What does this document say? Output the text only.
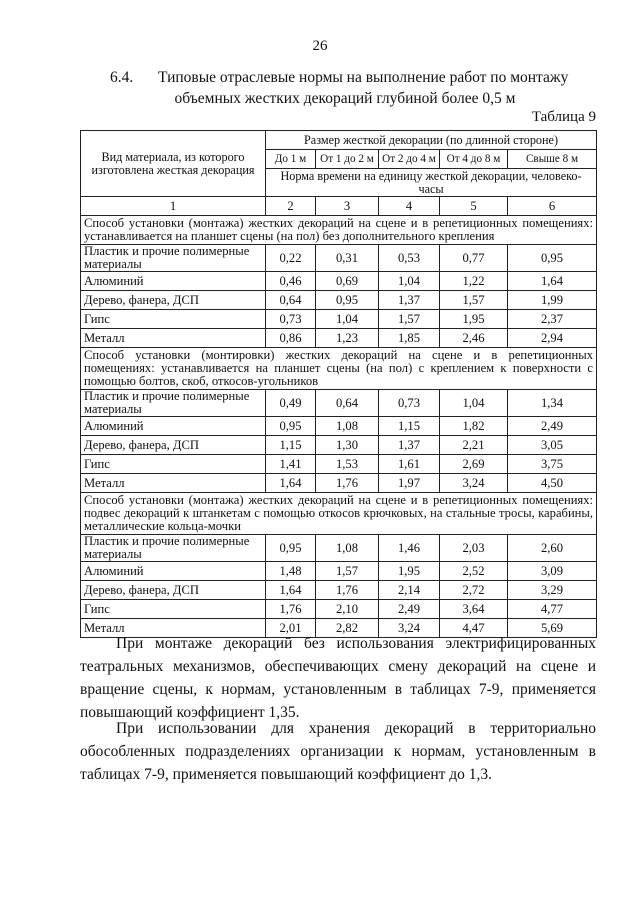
26
6.4. Типовые отраслевые нормы на выполнение работ по монтажу
объемных жестких декораций глубиной более 0,5 м
Таблица 9
Вид материала, из которого изготовлена жесткая декорация	Размер жесткой декорации (по длинной стороне)				
	До 1 м	От 1 до 2 м	От 2 до 4 м	От 4 до 8 м	Свыше 8 м
	Норма времени на единицу жесткой декорации, человеко-часы				
1	2	3	4	5	6
Способ установки (монтажа) жестких декораций на сцене и в репетиционных помещениях: устанавливается на планшет сцены (на пол) без дополнительного крепления					
Пластик и прочие полимерные материалы	0,22	0,31	0,53	0,77	0,95
Алюминий	0,46	0,69	1,04	1,22	1,64
Дерево, фанера, ДСП	0,64	0,95	1,37	1,57	1,99
Гипс	0,73	1,04	1,57	1,95	2,37
Металл	0,86	1,23	1,85	2,46	2,94
Способ установки (монтировки) жестких декораций на сцене и в репетиционных помещениях: устанавливается на планшет сцены (на пол) с креплением к поверхности с помощью болтов, скоб, откосов-угольников					
Пластик и прочие полимерные материалы	0,49	0,64	0,73	1,04	1,34
Алюминий	0,95	1,08	1,15	1,82	2,49
Дерево, фанера, ДСП	1,15	1,30	1,37	2,21	3,05
Гипс	1,41	1,53	1,61	2,69	3,75
Металл	1,64	1,76	1,97	3,24	4,50
Способ установки (монтажа) жестких декораций на сцене и в репетиционных помещениях: подвес декораций к штанкетам с помощью откосов крючковых, на стальные тросы, карабины, металлические кольца-мочки					
Пластик и прочие полимерные материалы	0,95	1,08	1,46	2,03	2,60
Алюминий	1,48	1,57	1,95	2,52	3,09
Дерево, фанера, ДСП	1,64	1,76	2,14	2,72	3,29
Гипс	1,76	2,10	2,49	3,64	4,77
Металл	2,01	2,82	3,24	4,47	5,69
При монтаже декораций без использования электрифицированных театральных механизмов, обеспечивающих смену декораций на сцене и вращение сцены, к нормам, установленным в таблицах 7-9, применяется повышающий коэффициент 1,35.
При использовании для хранения декораций в территориально обособленных подразделениях организации к нормам, установленным в таблицах 7-9, применяется повышающий коэффициент до 1,3.
